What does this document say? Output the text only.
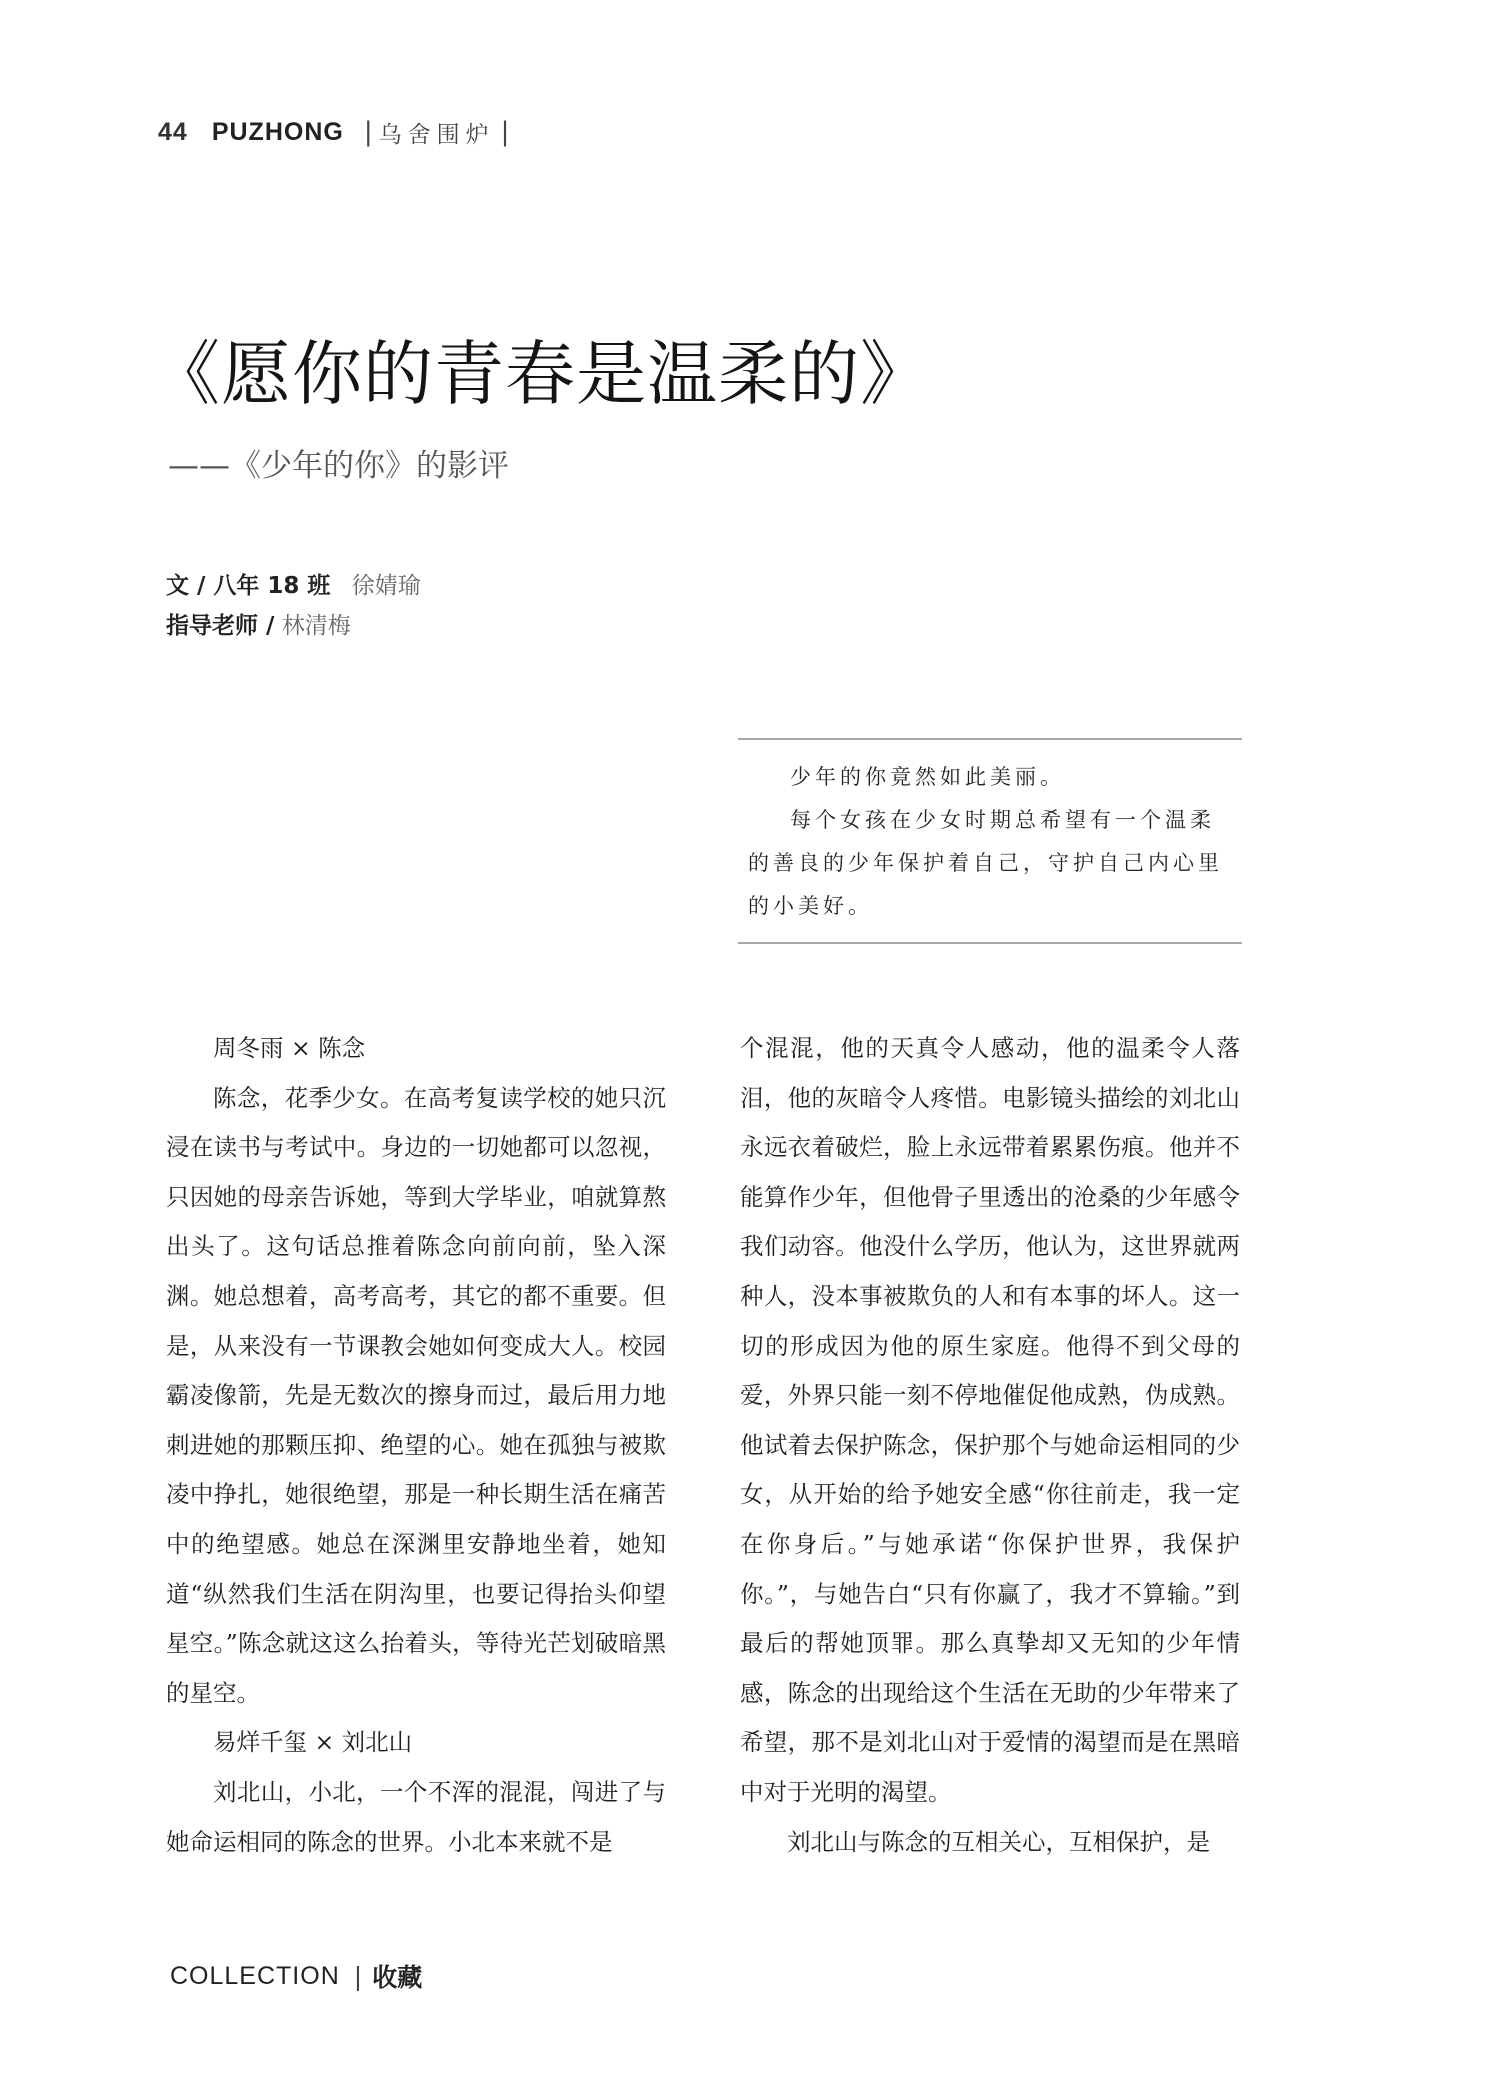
44 PUZHONG | 乌舍围炉 |
《愿你的青春是温柔的》
——《少年的你》的影评
文 / 八年 18 班 徐婧瑜
指导老师 / 林清梅

少年的你竟然如此美丽。

每个女孩在少女时期总希望有一个温柔的善良的少年保护着自己，守护自己内心里的小美好。

周冬雨 × 陈念

陈念，花季少女。在高考复读学校的她只沉浸在读书与考试中。身边的一切她都可以忽视，只因她的母亲告诉她，等到大学毕业，咱就算熬出头了。这句话总推着陈念向前向前，坠入深渊。她总想着，高考高考，其它的都不重要。但是，从来没有一节课教会她如何变成大人。校园霸凌像箭，先是无数次的擦身而过，最后用力地刺进她的那颗压抑、绝望的心。她在孤独与被欺凌中挣扎，她很绝望，那是一种长期生活在痛苦中的绝望感。她总在深渊里安静地坐着，她知道“纵然我们生活在阴沟里，也要记得抬头仰望星空。”陈念就这这么抬着头，等待光芒划破暗黑的星空。

易烊千玺 × 刘北山

刘北山，小北，一个不浑的混混，闯进了与她命运相同的陈念的世界。小北本来就不是

个混混，他的天真令人感动，他的温柔令人落泪，他的灰暗令人疼惜。电影镜头描绘的刘北山永远衣着破烂，脸上永远带着累累伤痕。他并不能算作少年，但他骨子里透出的沧桑的少年感令我们动容。他没什么学历，他认为，这世界就两种人，没本事被欺负的人和有本事的坏人。这一切的形成因为他的原生家庭。他得不到父母的爱，外界只能一刻不停地催促他成熟，伪成熟。他试着去保护陈念，保护那个与她命运相同的少女，从开始的给予她安全感“你往前走，我一定在你身后。”与她承诺“你保护世界，我保护你。”，与她告白“只有你赢了，我才不算输。”到最后的帮她顶罪。那么真挚却又无知的少年情感，陈念的出现给这个生活在无助的少年带来了希望，那不是刘北山对于爱情的渴望而是在黑暗中对于光明的渴望。

刘北山与陈念的互相关心，互相保护，是

COLLECTION | 收藏
